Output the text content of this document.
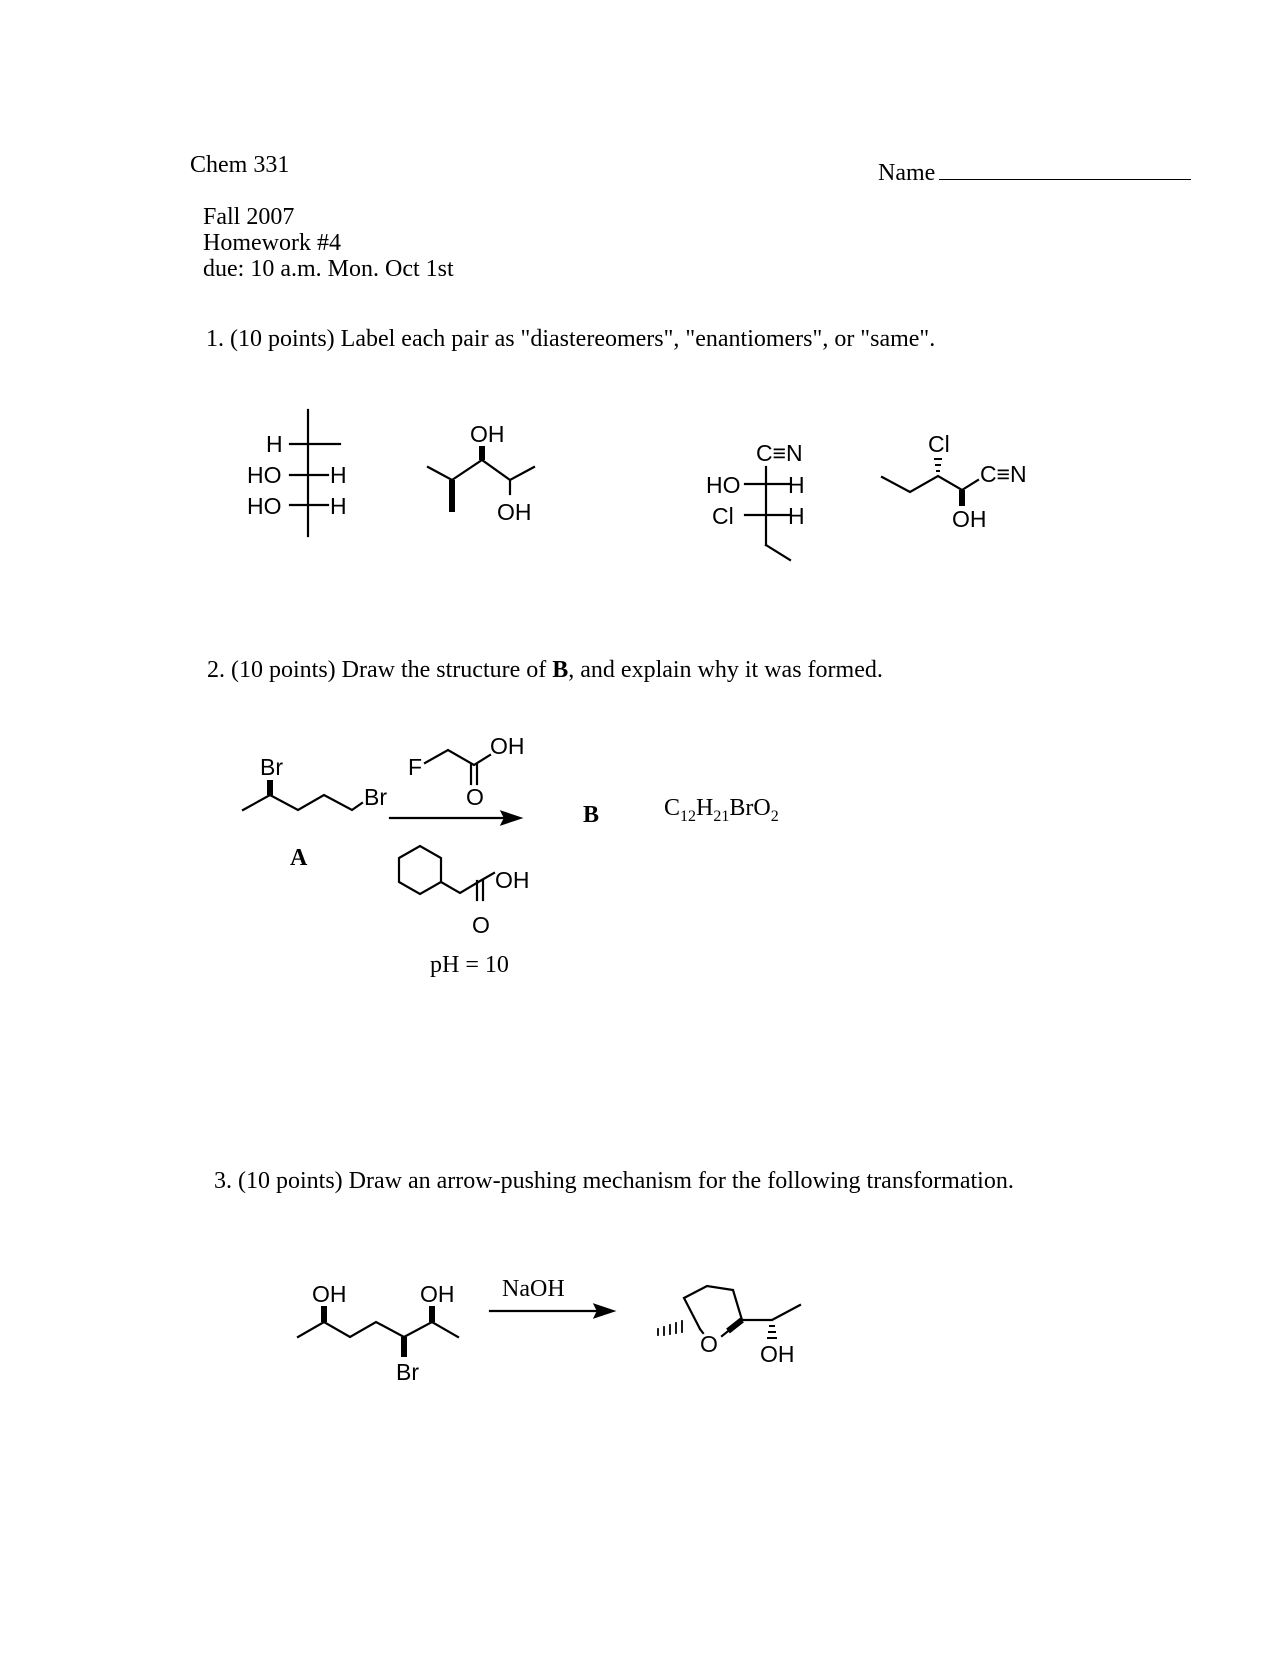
Chem 331	Name
Fall 2007
Homework #4
due: 10 a.m. Mon. Oct 1st
1. (10 points) Label each pair as "diastereomers", "enantiomers", or "same".
H
HO H
HO H
OH
OH
C≡N
HO H
Cl H
Cl
C≡N
OH
2. (10 points) Draw the structure of B, and explain why it was formed.
Br
Br
A
F
OH
O
OH
O
pH = 10
B	$C_{12}H_{21}BrO_2$
3. (10 points) Draw an arrow-pushing mechanism for the following transformation.
OH	OH
Br
NaOH
O OH
